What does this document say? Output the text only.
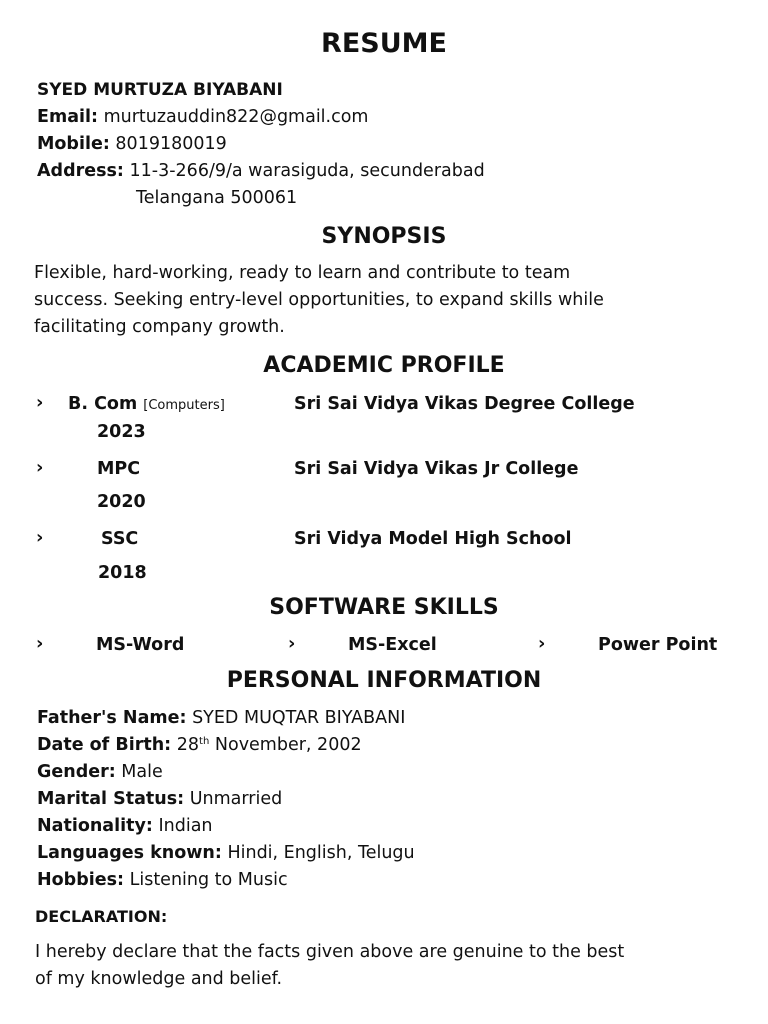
RESUME
SYED MURTUZA BIYABANI
Email: murtuzauddin822@gmail.com
Mobile: 8019180019
Address: 11-3-266/9/a warasiguda, secunderabad
Telangana 500061
SYNOPSIS
Flexible, hard-working, ready to learn and contribute to team
success. Seeking entry-level opportunities, to expand skills while
facilitating company growth.
ACADEMIC PROFILE
› B. Com [Computers]
2023
Sri Sai Vidya Vikas Degree College
›	MPC
2020
Sri Sai Vidya Vikas Jr College
›	SSC
2018
Sri Vidya Model High School
SOFTWARE SKILLS
›	MS-Word	›	MS-Excel	›	Power Point
PERSONAL INFORMATION
Father's Name: SYED MUQTAR BIYABANI
Date of Birth: 28th November, 2002
Gender: Male
Marital Status: Unmarried
Nationality: Indian
Languages known: Hindi, English, Telugu
Hobbies: Listening to Music
DECLARATION:
I hereby declare that the facts given above are genuine to the best
of my knowledge and belief.
